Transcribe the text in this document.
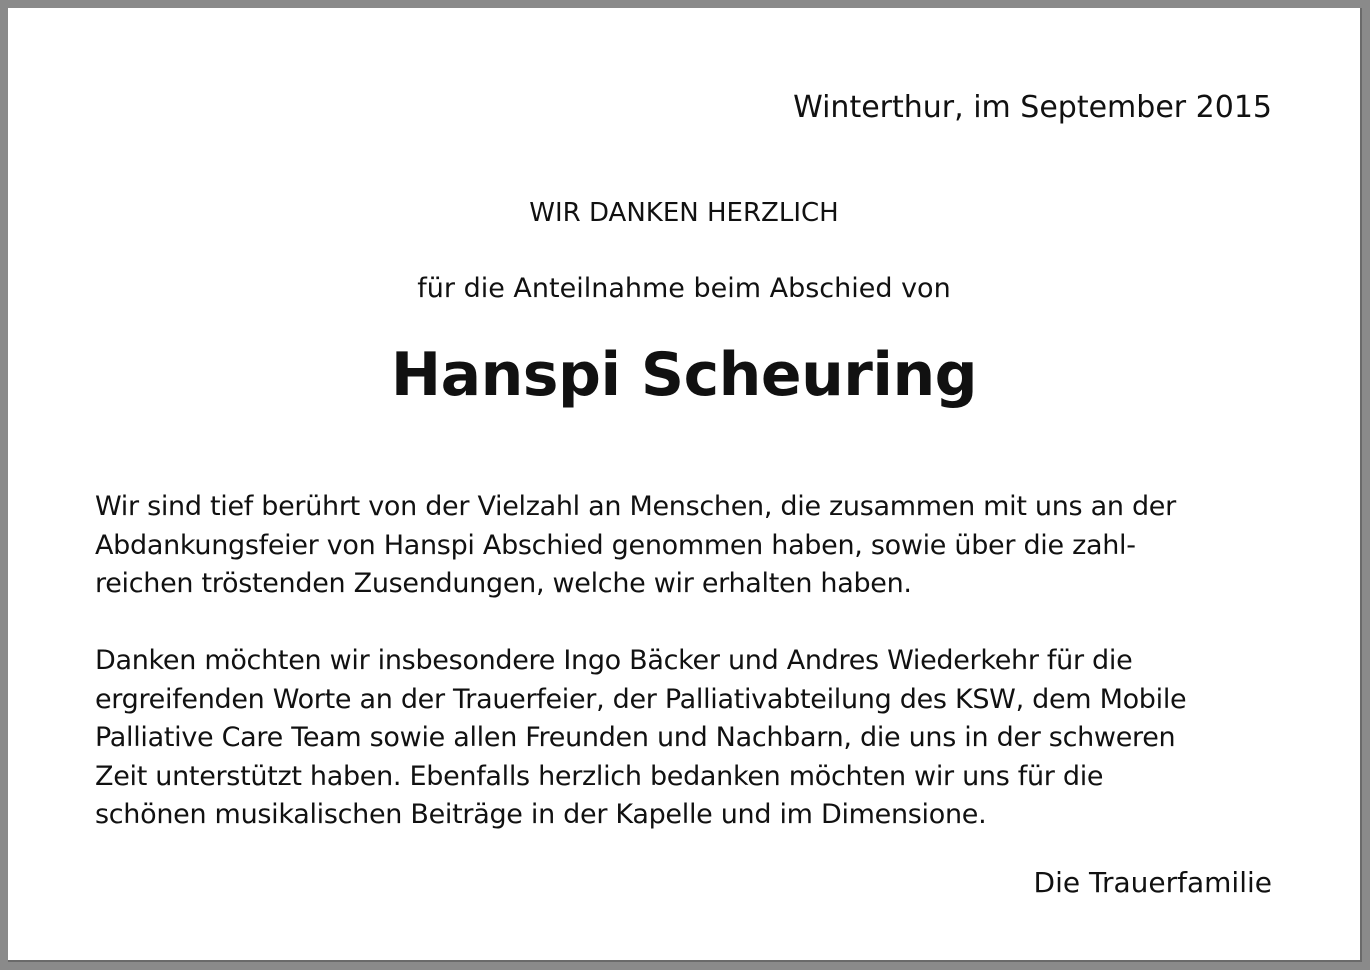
Winterthur, im September 2015
WIR DANKEN HERZLICH
für die Anteilnahme beim Abschied von
Hanspi Scheuring
Wir sind tief berührt von der Vielzahl an Menschen, die zusammen mit uns an der
Abdankungsfeier von Hanspi Abschied genommen haben, sowie über die zahl-
reichen tröstenden Zusendungen, welche wir erhalten haben.
Danken möchten wir insbesondere Ingo Bäcker und Andres Wiederkehr für die
ergreifenden Worte an der Trauerfeier, der Palliativabteilung des KSW, dem Mobile
Palliative Care Team sowie allen Freunden und Nachbarn, die uns in der schweren
Zeit unterstützt haben. Ebenfalls herzlich bedanken möchten wir uns für die
schönen musikalischen Beiträge in der Kapelle und im Dimensione.
Die Trauerfamilie
